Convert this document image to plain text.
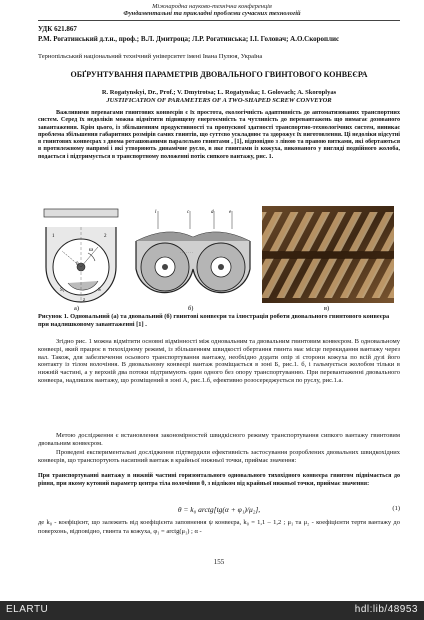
Міжнародна науково-технічна конференція
Фундаментальні та прикладні проблеми сучасних технологій
УДК 621.867
Р.М. Рогатинський д.т.н., проф.; В.Л. Дмитроца; Л.Р. Рогатинська; І.І. Головач; А.О.Скороплис
Тернопільський національний технічний університет імені Івана Пулюя, Україна
ОБҐРУНТУВАННЯ ПАРАМЕТРІВ ДВОВАЛЬНОГО ГВИНТОВОГО КОНВЕЄРА
R. Rogatynskyi, Dr., Prof.; V. Dmytrotsa; L. Rogatynska; I. Golovach; A. Skoroplyas
JUSTIFICATION OF PARAMETERS OF A TWO-SHAPED SCREW CONVEYOR
Важливими перевагами гвинтових конвеєрів є їх простота, екологічність адаптивність до автоматизованих транспортних систем. Серед їх недоліків можна відмітити підвищену енергоємність та чутливість до перевантажень що вимагає дозованого завантаження. Крім цього, із збільшенням продуктивності та пропускної здатності транспортно-технологічних систем, виникає проблема збільшення габаритних розмірів самих гвинтів, що суттєво ускладнює та здорожує їх виготовлення. Ці недоліки відсутні в гвинтових конвеєрах з двома роташованими паралельно гвинтами , [1], відповідно з лівою та правою витками, які обертаються в протилежному напрямі і які утворюють динамічне русло, в яке гвинтами із кожуха, виконаного у вигляді подвійного жолоба, подається і підтримується в транспортному положенні потік сипкого вантажу, рис. 1.
ω
0
1	2
z
S₁	S
l	c	d	e
. . . . . . .
а)	б)	в)
Рисунок 1. Одновальний (а) та двовальний (б) гвинтові конвеєри та ілюстрація роботи двовального гвинтового конвеєра при надлишковому завантаженні [1] .
Згідно рис. 1 можна відмітити основні відмінності між одновальним та двовальним гвинтовим конвеєром. В одновальному конвеєрі, який працює в тихохідному режимі, із збільшенням швидкості обертання гвинта має місце перекидання вантажу через вал. Також, для забезпечення осьового транспортування вантажу, необхідно додати опір зі сторони кожуха по всій дузі його контакту із тілом волочіння. В двовальному конвеєрі вантаж розміщається в зоні Б, рис.1. б, і гальмується жолобом тільки в нижній частині, а у верхній два потоки підтримують один одного без опору транспортуванню. При перевантаженні двовального конвеєра, надлишок вантажу, що розміщений в зоні А, рис.1.б, ефективно розосереджується по руслу, рис.1.а.
Метою дослідження є встановлення закономірностей швидкісного режиму транспортування сипкого вантажу гвинтовим двовальним конвеєром.
Проведені експериментальні дослідження підтвердили ефективність застосування розроблених двовальних швидкохідних конвеєрів, що транспортують насипний вантаж в крайньої нижньої точки, приймає значення:
При транспортуванні вантажу в нижній частині горизонтального одновального тихохідного конвеєра гвинтом піднімається до рівня, при якому кутовий параметр центра тіла волочіння θ, з відліком від крайньої нижньої точки, приймає значення:
θ = k₀ arctg[tg(α + φ₁)/μ₂],	(1)
де k₀ - коефіцієнт, що залежить від коефіцієнта заповнення ψ конвеєра, k₀ = 1,1 – 1,2 ; μ₁ та μ₂ - коефіцієнти тертя вантажу до поверхонь, відповідно, гвинта та кожуха, φ₁ = arctg(μ₁) ; α -
155
ELARTU	hdl:lib/48953
